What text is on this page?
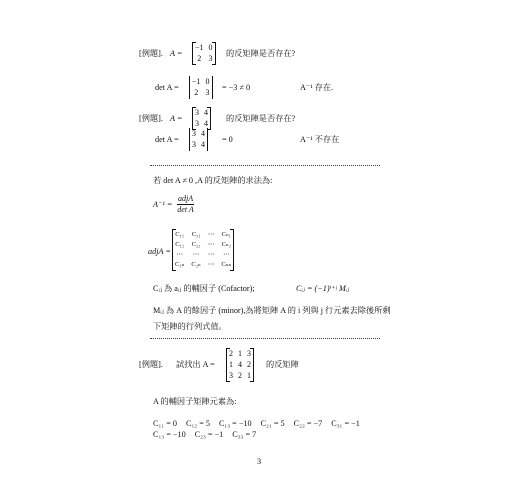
[例題]. A =
−1 0
2 3
的反矩陣是否存在?
det A =
−1 0
2 3
= −3 ≠ 0	A⁻¹ 存在.
[例題]. A =
3 4
3 4
的反矩陣是否存在?
det A =
3 4
3 4
= 0	A⁻¹ 不存在
若 det A ≠ 0 ,A 的反矩陣的求法為:
A⁻¹ =
adjA
det A
adjA =
C₁₁ C₂₁ ⋯ Cₙ₁
C₁₂ C₂₂ ⋯ Cₙ₂
⋯ ⋯ ⋯ ⋯
C₁ₙ C₂ₙ ⋯ Cₙₙ
Cᵢⱼ 為 aᵢⱼ 的輔因子 (Cofactor);	Cᵢⱼ = (−1)ⁱ⁺ʲ Mᵢⱼ
Mᵢⱼ 為 A 的餘因子 (minor),為將矩陣 A 的 i 列與 j 行元素去除後所剩
下矩陣的行列式值。
[例題]. 試找出 A =
2 1 3
1 4 2
3 2 1
的反矩陣
A 的輔因子矩陣元素為:
C₁₁ = 0 C₁₂ = 5 C₁₃ = −10 C₂₁ = 5 C₂₂ = −7 C₃₁ = −1
C₁₃ = −10 C₂₃ = −1 C₃₃ = 7
3
